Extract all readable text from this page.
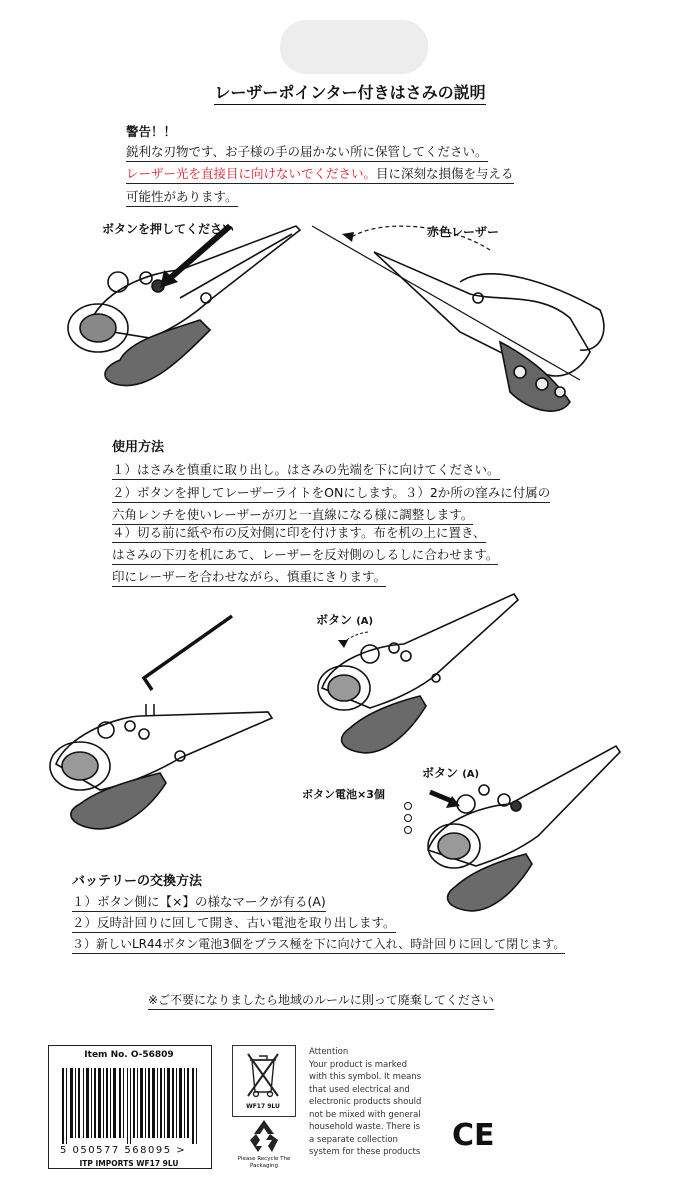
レーザーポインター付きはさみの説明
警告！！
鋭利な刃物です、お子様の手の届かない所に保管してください。
レーザー光を直接目に向けないでください。目に深刻な損傷を与える
可能性があります。
ボタンを押してください	赤色レーザー
使用方法
１）はさみを慎重に取り出し。はさみの先端を下に向けてください。
２）ボタンを押してレーザーライトをONにします。３）2か所の窪みに付属の
六角レンチを使いレーザーが刃と一直線になる様に調整します。
４）切る前に紙や布の反対側に印を付けます。布を机の上に置き、
はさみの下刃を机にあて、レーザーを反対側のしるしに合わせます。
印にレーザーを合わせながら、慎重にきります。
ボタン (A)
ボタン (A)
ボタン電池×3個
バッテリーの交換方法
１）ボタン側に【×】の様なマークが有る(A)
２）反時計回りに回して開き、古い電池を取り出します。
３）新しいLR44ボタン電池3個をプラス極を下に向けて入れ、時計回りに回して閉じます。
※ご不要になりましたら地域のルールに則って廃棄してください
Item No. O-56809
5 050577 568095 >
ITP IMPORTS WF17 9LU
WF17 9LU
Please Recycle The Packaging
Attention
Your product is marked
with this symbol. It means
that used electrical and
electronic products should
not be mixed with general
household waste. There is
a separate collection
system for these products CE
